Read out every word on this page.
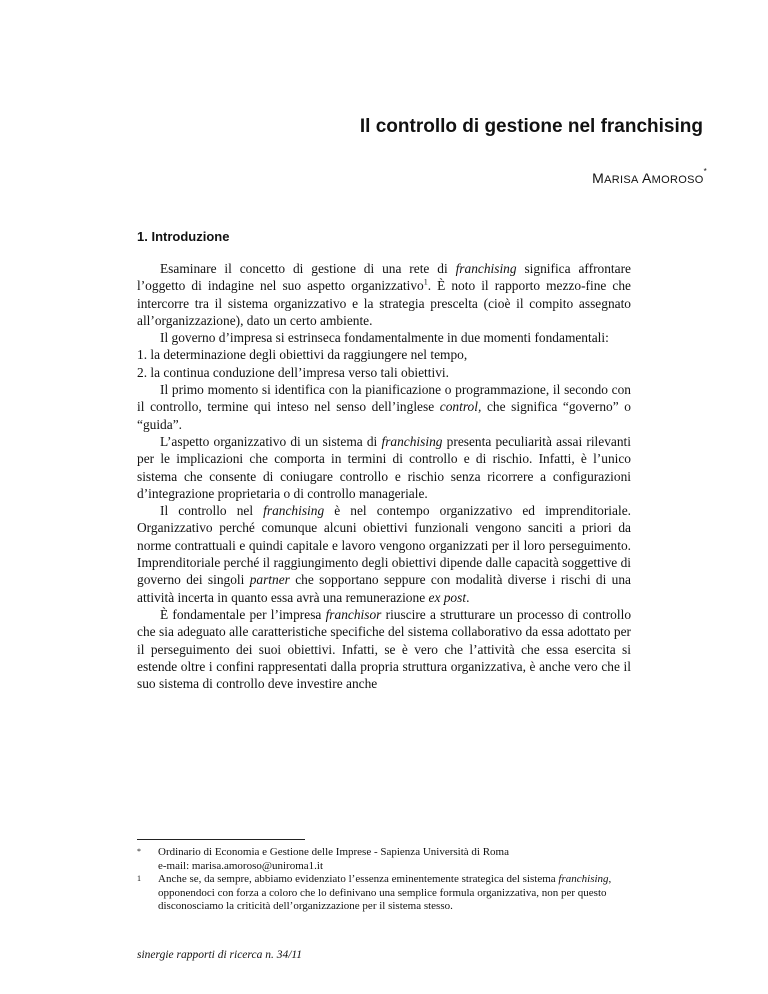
Il controllo di gestione nel franchising
MARISA AMOROSO*
1. Introduzione

Esaminare il concetto di gestione di una rete di franchising significa affrontare l’oggetto di indagine nel suo aspetto organizzativo$^1$. È noto il rapporto mezzo-fine che intercorre tra il sistema organizzativo e la strategia prescelta (cioè il compito assegnato all’organizzazione), dato un certo ambiente.

Il governo d’impresa si estrinseca fondamentalmente in due momenti fondamentali:

1. la determinazione degli obiettivi da raggiungere nel tempo,

2. la continua conduzione dell’impresa verso tali obiettivi.

Il primo momento si identifica con la pianificazione o programmazione, il secondo con il controllo, termine qui inteso nel senso dell’inglese control, che significa “governo” o “guida”.

L’aspetto organizzativo di un sistema di franchising presenta peculiarità assai rilevanti per le implicazioni che comporta in termini di controllo e di rischio. Infatti, è l’unico sistema che consente di coniugare controllo e rischio senza ricorrere a configurazioni d’integrazione proprietaria o di controllo manageriale.

Il controllo nel franchising è nel contempo organizzativo ed imprenditoriale. Organizzativo perché comunque alcuni obiettivi funzionali vengono sanciti a priori da norme contrattuali e quindi capitale e lavoro vengono organizzati per il loro perseguimento. Imprenditoriale perché il raggiungimento degli obiettivi dipende dalle capacità soggettive di governo dei singoli partner che sopportano seppure con modalità diverse i rischi di una attività incerta in quanto essa avrà una remunerazione ex post.

È fondamentale per l’impresa franchisor riuscire a strutturare un processo di controllo che sia adeguato alle caratteristiche specifiche del sistema collaborativo da essa adottato per il perseguimento dei suoi obiettivi. Infatti, se è vero che l’attività che essa esercita si estende oltre i confini rappresentati dalla propria struttura organizzativa, è anche vero che il suo sistema di controllo deve investire anche

*	Ordinario di Economia e Gestione delle Imprese - Sapienza Università di Roma
e-mail: marisa.amoroso@uniroma1.it
1	Anche se, da sempre, abbiamo evidenziato l’essenza eminentemente strategica del sistema franchising, opponendoci con forza a coloro che lo definivano una semplice formula organizzativa, non per questo disconosciamo la criticità dell’organizzazione per il sistema stesso.
sinergie rapporti di ricerca n. 34/11
